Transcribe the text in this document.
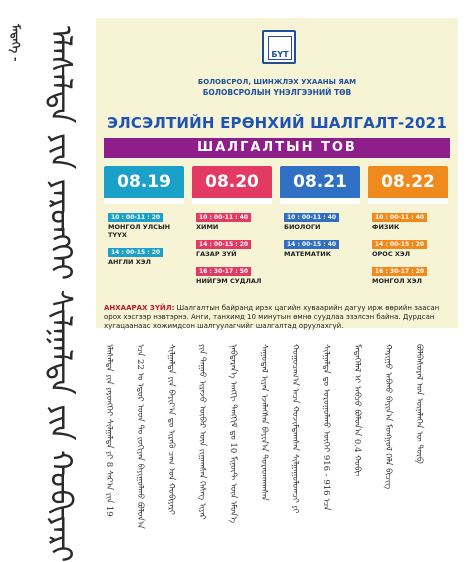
ᠮᠡᠳᠡᠭᠡ - ᠡᠯᠡᠰᠡᠯᠲᠡ ᠶᠢᠨ ᠶᠡᠷᠦᠩᠬᠡᠢ ᠱᠢᠯᠭᠠᠯᠲᠠ ᠶᠢᠨ ᠬᠤᠪᠢᠶᠠᠷᠢ	БҮТ
БОЛОВСРОЛ, ШИНЖЛЭХ УХААНЫ ЯАМ
БОЛОВСРОЛЫН ҮНЭЛГЭЭНИЙ ТӨВ
ЭЛСЭЛТИЙН ЕРӨНХИЙ ШАЛГАЛТ-2021
ШАЛГАЛТЫН ТОВ
08.19
10 : 00-11 : 20
МОНГОЛ УЛСЫН ТҮҮХ
14 : 00-15 : 20
АНГЛИ ХЭЛ
08.20
10 : 00-11 : 40
ХИМИ
14 : 00-15 : 20
ГАЗАР ЗҮЙ
16 : 30-17 : 50
НИЙГЭМ СУДЛАЛ
08.21
10 : 00-11 : 40
БИОЛОГИ
14 : 00-15 : 40
МАТЕМАТИК
08.22
10 : 00-11 : 40
ФИЗИК
14 : 00-15 : 20
ОРОС ХЭЛ
16 : 30-17 : 20
МОНГОЛ ХЭЛ
АНХААРАХ ЗҮЙЛ: Шалгалтын байранд ирэх цагийн хуваарийн дагуу ирж өөрийн заасан орох хэсгээр нэвтэрнэ. Анги, танхимд 10 минутын өмнө суудлаа эзэлсэн байна. Дурдсан хугацаанаас хожимдсон шалгуулагчийг шалгалтад оруулахгүй.
ᠡᠯᠡᠰᠡᠯᠲᠡ ᠶᠢᠨ ᠶᠡᠷᠦᠩᠬᠡᠢ ᠱᠢᠯᠭᠠᠯᠲᠠ ᠶᠢ 8 ᠰᠠᠷ᠎ᠠ ᠶᠢᠨ 19 ᠡᠴᠡ 22 ᠤ ᠡᠳᠦᠷ ᠤᠳ ᠲᠤ ᠵᠣᠬᠢᠶᠠᠨ ᠪᠠᠶᠢᠭᠤᠯᠬᠤ ᠪᠣᠯᠤᠨ᠎ᠠ ᠰᠢᠯᠭᠠᠯᠲᠠ ᠶᠢᠨ ᠪᠠᠶᠢᠷ᠎ᠠ ᠳᠤ ᠢᠷᠡᠬᠦ ᠴᠠᠭ ᠤᠨ ᠬᠤᠪᠢᠶᠠᠷᠢ ᠶᠢᠨ ᠳᠠᠭᠠᠤ ᠢᠷᠡᠵᠦ ᠥᠪᠡᠷ ᠦᠨ ᠵᠢᠭᠠᠭᠰᠠᠨ ᠬᠡᠰᠡᠭ ᠢᠶᠡᠷ ᠨᠡᠪᠲᠡᠷᠡᠨ᠎ᠡ ᠠᠩᠭᠢ ᠲᠠᠩᠬᠢᠮ ᠳᠤ 10 ᠮᠢᠨᠦ᠋ᠲ ᠦᠨ ᠡᠮᠦᠨ᠎ᠡ ᠰᠠᠭᠤᠳᠠᠯ ᠢᠶᠠᠨ ᠡᠵᠡᠯᠡᠭᠰᠡᠨ ᠪᠠᠶᠢᠨ᠎ᠠ ᠳᠤᠷᠠᠳᠬᠠᠭᠰᠠᠨ ᠬᠤᠭᠤᠴᠠᠭ᠎ᠠ ᠠᠴᠠ ᠬᠤᠵᠢᠮᠳᠠᠭᠰᠠᠨ ᠰᠢᠯᠭᠠᠭᠤᠯᠤᠭᠴᠢ ᠶᠢ ᠰᠢᠯᠭᠠᠯᠲᠠ ᠳᠤ ᠣᠷᠣᠭᠤᠯᠬᠤ ᠦᠭᠡᠢ 916 - 916 ᠡᠴᠡ ᠮᠡᠳᠡᠭᠡᠯᠡᠯ ᠢ ᠠᠪᠴᠤ ᠪᠣᠯᠤᠨ᠎ᠠ 0.4 ᠬᠤᠪᠢ ᠬᠠᠷᠢᠭᠤ ᠠᠪᠬᠤ ᠪᠠᠶᠢᠨ᠎ᠠ ᠮᠣᠩᠭᠤᠯ ᠬᠡᠯᠡ ᠪᠢᠴᠢᠭ ᠪᠣᠯᠪᠠᠰᠤᠷᠠᠯ ᠤᠨ ᠦᠨᠡᠯᠡᠭᠡᠨ ᠦ ᠲᠥᠪ
